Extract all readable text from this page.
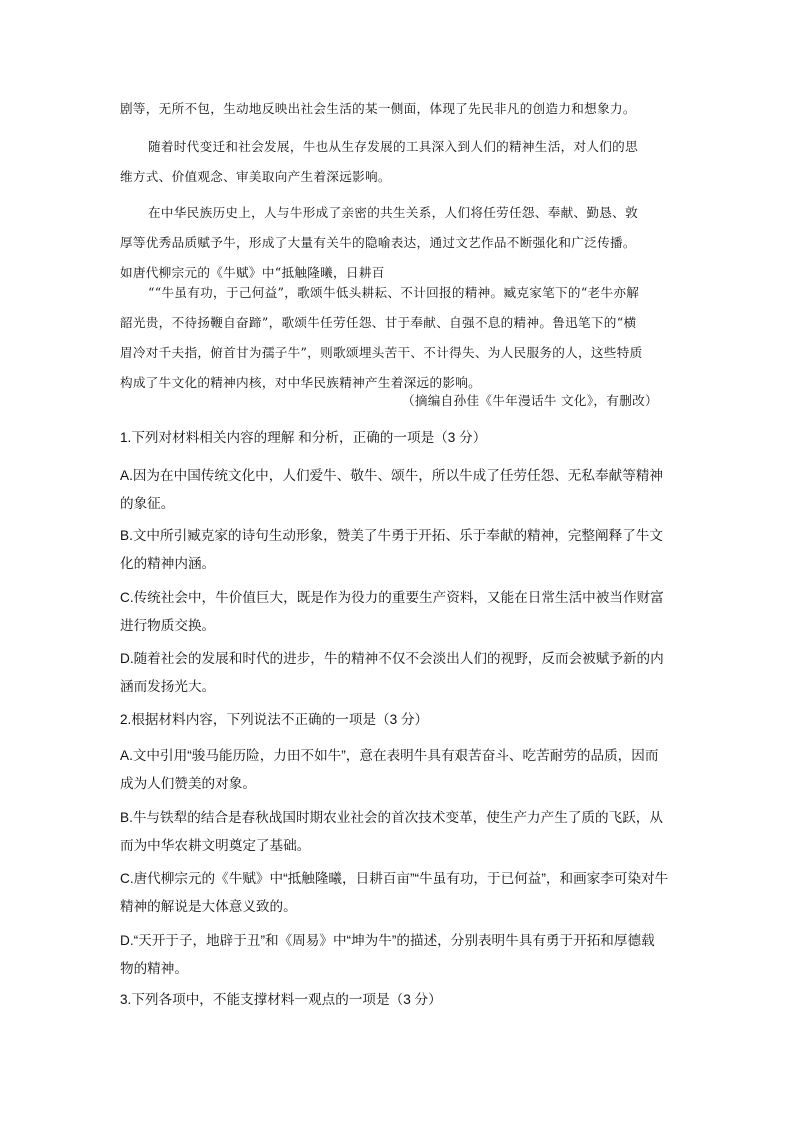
剧等，无所不包，生动地反映出社会生活的某一侧面，体现了先民非凡的创造力和想象力。
随着时代变迁和社会发展，牛也从生存发展的工具深入到人们的精神生活，对人们的思
维方式、价值观念、审美取向产生着深远影响。
在中华民族历史上，人与牛形成了亲密的共生关系，人们将任劳任怨、奉献、勤恳、敦
厚等优秀品质赋予牛，形成了大量有关牛的隐喻表达，通过文艺作品不断强化和广泛传播。
如唐代柳宗元的《牛赋》中“抵触隆曦，日耕百
““牛虽有功，于己何益”，歌颂牛低头耕耘、不计回报的精神。臧克家笔下的“老牛亦解
韶光贵，不待扬鞭自奋蹄”，歌颂牛任劳任怨、甘于奉献、自强不息的精神。鲁迅笔下的“横
眉冷对千夫指，俯首甘为孺子牛”，则歌颂埋头苦干、不计得失、为人民服务的人，这些特质
构成了牛文化的精神内核，对中华民族精神产生着深远的影响。
（摘编自孙佳《牛年漫话牛 文化》，有删改）
1.下列对材料相关内容的理解 和分析，正确的一项是（3 分）
A.因为在中国传统文化中，人们爱牛、敬牛、颂牛，所以牛成了任劳任怨、无私奉献等精神
的象征。
B.文中所引臧克家的诗句生动形象，赞美了牛勇于开拓、乐于奉献的精神，完整阐释了牛文
化的精神内涵。
C.传统社会中，牛价值巨大，既是作为役力的重要生产资料，又能在日常生活中被当作财富
进行物质交换。
D.随着社会的发展和时代的进步，牛的精神不仅不会淡出人们的视野，反而会被赋予新的内
涵而发扬光大。
2.根据材料内容，下列说法不正确的一项是（3 分）
A.文中引用“骏马能历险，力田不如牛”，意在表明牛具有艰苦奋斗、吃苦耐劳的品质，因而
成为人们赞美的对象。
B.牛与铁犁的结合是春秋战国时期农业社会的首次技术变革，使生产力产生了质的飞跃，从
而为中华农耕文明奠定了基础。
C.唐代柳宗元的《牛赋》中“抵触隆曦，日耕百亩”“牛虽有功，于已何益”，和画家李可染对牛
精神的解说是大体意义致的。
D.“天开于子，地辟于丑”和《周易》中“坤为牛”的描述，分别表明牛具有勇于开拓和厚德载
物的精神。
3.下列各项中，不能支撑材料一观点的一项是（3 分）
